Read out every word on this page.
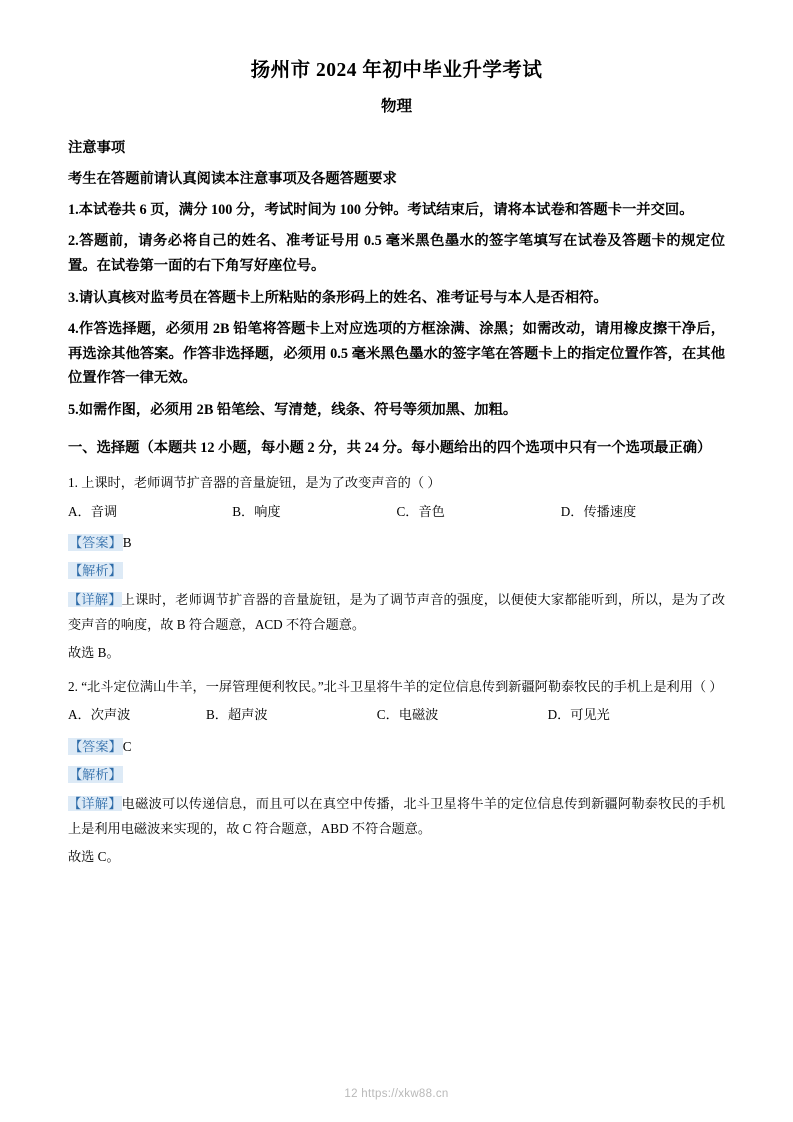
扬州市 2024 年初中毕业升学考试
物理

注意事项

考生在答题前请认真阅读本注意事项及各题答题要求

1.本试卷共 6 页，满分 100 分，考试时间为 100 分钟。考试结束后，请将本试卷和答题卡一并交回。

2.答题前，请务必将自己的姓名、准考证号用 0.5 毫米黑色墨水的签字笔填写在试卷及答题卡的规定位置。在试卷第一面的右下角写好座位号。

3.请认真核对监考员在答题卡上所粘贴的条形码上的姓名、准考证号与本人是否相符。

4.作答选择题，必须用 2B 铅笔将答题卡上对应选项的方框涂满、涂黑；如需改动，请用橡皮擦干净后，再选涂其他答案。作答非选择题，必须用 0.5 毫米黑色墨水的签字笔在答题卡上的指定位置作答，在其他位置作答一律无效。

5.如需作图，必须用 2B 铅笔绘、写清楚，线条、符号等须加黑、加粗。

一、选择题（本题共 12 小题，每小题 2 分，共 24 分。每小题给出的四个选项中只有一个选项最正确）

1. 上课时，老师调节扩音器的音量旋钮，是为了改变声音的（ ）

A．音调	B．响度	C．音色	D．传播速度

【答案】B

【解析】

【详解】上课时，老师调节扩音器的音量旋钮，是为了调节声音的强度，以便使大家都能听到，所以，是为了改变声音的响度，故 B 符合题意，ACD 不符合题意。

故选 B。

2. “北斗定位满山牛羊，一屏管理便利牧民。”北斗卫星将牛羊的定位信息传到新疆阿勒泰牧民的手机上是利用（ ）

A．次声波	B．超声波	C．电磁波	D．可见光

【答案】C

【解析】

【详解】电磁波可以传递信息，而且可以在真空中传播，北斗卫星将牛羊的定位信息传到新疆阿勒泰牧民的手机上是利用电磁波来实现的，故 C 符合题意，ABD 不符合题意。

故选 C。

12 https://xkw88.cn
